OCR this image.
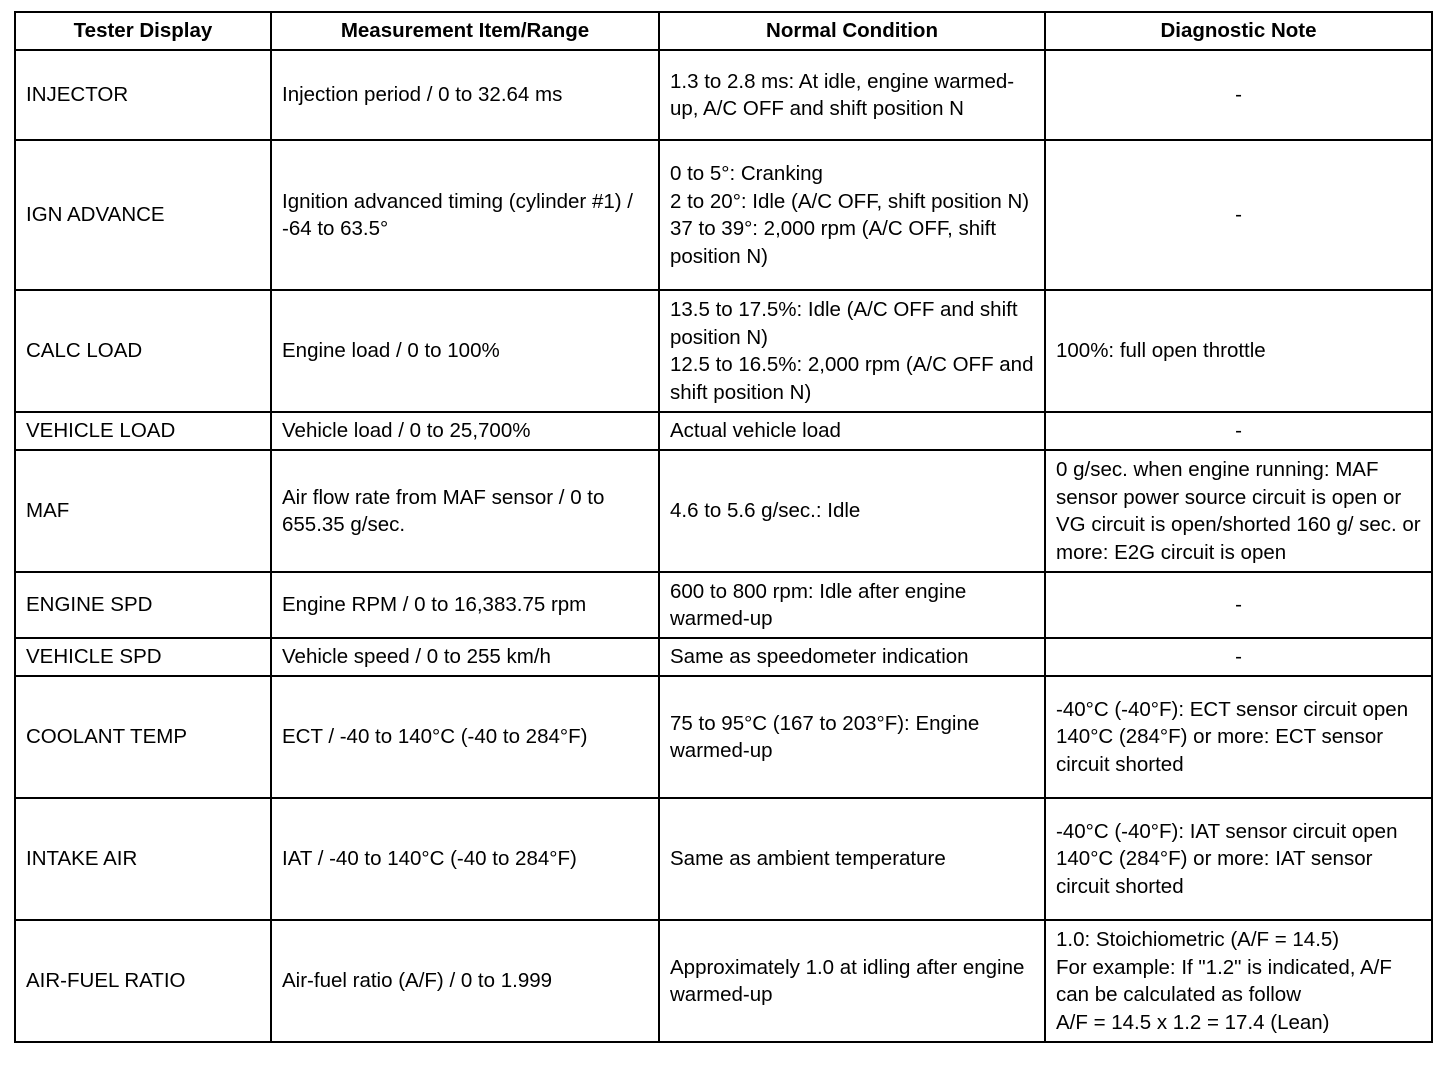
Tester Display	Measurement Item/Range	Normal Condition	Diagnostic Note
INJECTOR	Injection period / 0 to 32.64 ms	1.3 to 2.8 ms: At idle, engine warmed-up, A/C OFF and shift position N	-

IGN ADVANCE	Ignition advanced timing (cylinder #1) / -64 to 63.5°	0 to 5°: Cranking
2 to 20°: Idle (A/C OFF, shift position N)
37 to 39°: 2,000 rpm (A/C OFF, shift position N)	-

CALC LOAD	Engine load / 0 to 100%	13.5 to 17.5%: Idle (A/C OFF and shift position N)
12.5 to 16.5%: 2,000 rpm (A/C OFF and shift position N)	100%: full open throttle

VEHICLE LOAD	Vehicle load / 0 to 25,700%	Actual vehicle load	-

MAF	Air flow rate from MAF sensor / 0 to 655.35 g/sec.	4.6 to 5.6 g/sec.: Idle	0 g/sec. when engine running: MAF sensor power source circuit is open or VG circuit is open/shorted 160 g/ sec. or more: E2G circuit is open

ENGINE SPD	Engine RPM / 0 to 16,383.75 rpm	600 to 800 rpm: Idle after engine warmed-up	-

VEHICLE SPD	Vehicle speed / 0 to 255 km/h	Same as speedometer indication	-

COOLANT TEMP	ECT / -40 to 140°C (-40 to 284°F)	75 to 95°C (167 to 203°F): Engine warmed-up	-40°C (-40°F): ECT sensor circuit open
140°C (284°F) or more: ECT sensor circuit shorted

INTAKE AIR	IAT / -40 to 140°C (-40 to 284°F)	Same as ambient temperature	-40°C (-40°F): IAT sensor circuit open
140°C (284°F) or more: IAT sensor circuit shorted

AIR-FUEL RATIO	Air-fuel ratio (A/F) / 0 to 1.999	Approximately 1.0 at idling after engine warmed-up	1.0: Stoichiometric (A/F = 14.5)
For example: If "1.2" is indicated, A/F can be calculated as follow
A/F = 14.5 x 1.2 = 17.4 (Lean)
